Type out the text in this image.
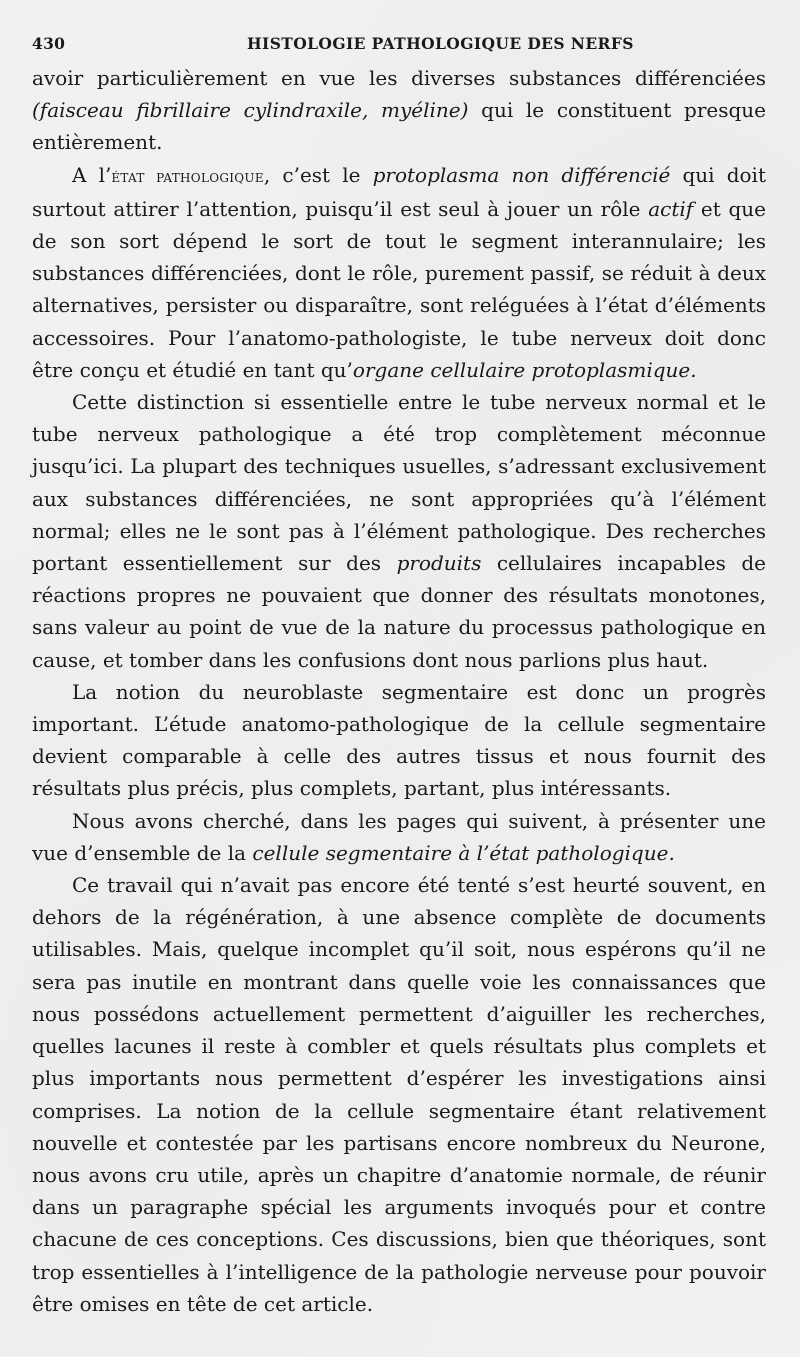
430	HISTOLOGIE PATHOLOGIQUE DES NERFS

avoir particulièrement en vue les diverses substances différenciées (faisceau fibrillaire cylindraxile, myéline) qui le constituent presque entièrement.

A l’état pathologique, c’est le protoplasma non différencié qui doit surtout attirer l’attention, puisqu’il est seul à jouer un rôle actif et que de son sort dépend le sort de tout le segment interannulaire; les substances différenciées, dont le rôle, purement passif, se réduit à deux alternatives, persister ou disparaître, sont reléguées à l’état d’éléments accessoires. Pour l’anatomo-pathologiste, le tube nerveux doit donc être conçu et étudié en tant qu’organe cellulaire protoplasmique.

Cette distinction si essentielle entre le tube nerveux normal et le tube nerveux pathologique a été trop complètement méconnue jusqu’ici. La plupart des techniques usuelles, s’adressant exclusivement aux substances différenciées, ne sont appropriées qu’à l’élément normal; elles ne le sont pas à l’élément pathologique. Des recherches portant essentiellement sur des produits cellulaires incapables de réactions propres ne pouvaient que donner des résultats monotones, sans valeur au point de vue de la nature du processus pathologique en cause, et tomber dans les confusions dont nous parlions plus haut.

La notion du neuroblaste segmentaire est donc un progrès important. L’étude anatomo-pathologique de la cellule segmentaire devient comparable à celle des autres tissus et nous fournit des résultats plus précis, plus complets, partant, plus intéressants.

Nous avons cherché, dans les pages qui suivent, à présenter une vue d’ensemble de la cellule segmentaire à l’état pathologique.

Ce travail qui n’avait pas encore été tenté s’est heurté souvent, en dehors de la régénération, à une absence complète de documents utilisables. Mais, quelque incomplet qu’il soit, nous espérons qu’il ne sera pas inutile en montrant dans quelle voie les connaissances que nous possédons actuellement permettent d’aiguiller les recherches, quelles lacunes il reste à combler et quels résultats plus complets et plus importants nous permettent d’espérer les investigations ainsi comprises. La notion de la cellule segmentaire étant relativement nouvelle et contestée par les partisans encore nombreux du Neurone, nous avons cru utile, après un chapitre d’anatomie normale, de réunir dans un paragraphe spécial les arguments invoqués pour et contre chacune de ces conceptions. Ces discussions, bien que théoriques, sont trop essentielles à l’intelligence de la pathologie nerveuse pour pouvoir être omises en tête de cet article.
